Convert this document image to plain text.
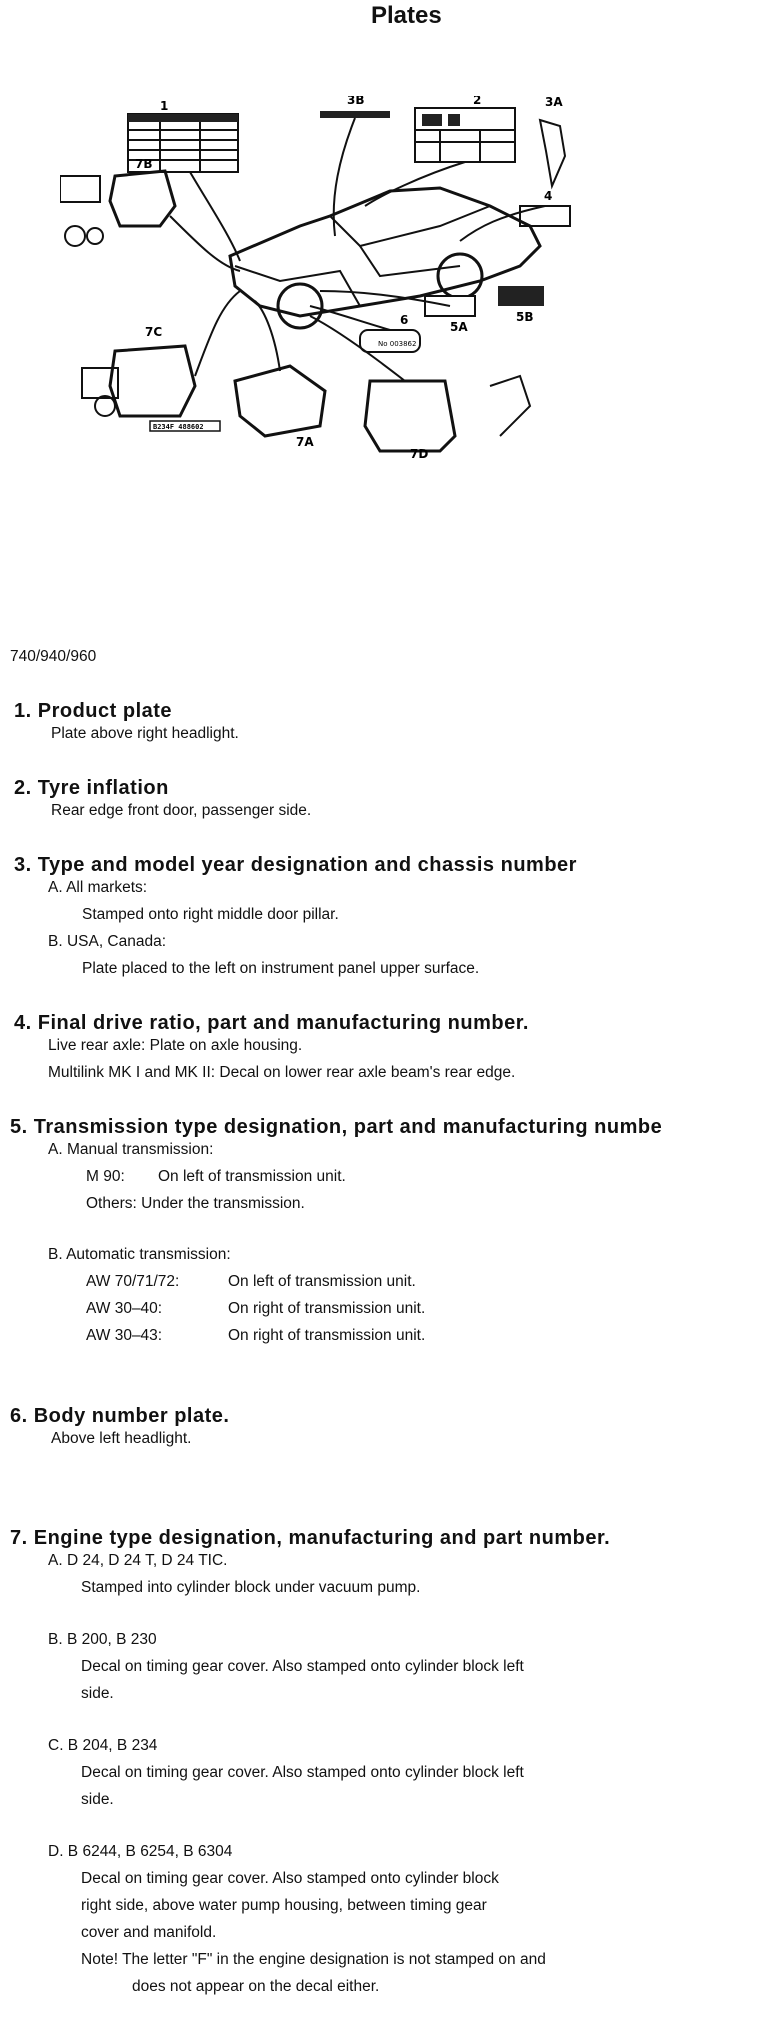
Plates
1	3B	2	3A
4
7B
7C
B234F 488602
7A
7D
No 003862
6	5A
5B
740/940/960
1. Product plate
Plate above right headlight.
2. Tyre inflation
Rear edge front door, passenger side.
3. Type and model year designation and chassis number
A. All markets:
Stamped onto right middle door pillar.
B. USA, Canada:
Plate placed to the left on instrument panel upper surface.
4. Final drive ratio, part and manufacturing number.
Live rear axle: Plate on axle housing.
Multilink MK I and MK II: Decal on lower rear axle beam's rear edge.
5. Transmission type designation, part and manufacturing numbe
A. Manual transmission:
M 90: On left of transmission unit.
Others: Under the transmission.
B. Automatic transmission:
AW 70/71/72:	On left of transmission unit.
AW 30–40:	On right of transmission unit.
AW 30–43:	On right of transmission unit.
6. Body number plate.
Above left headlight.
7. Engine type designation, manufacturing and part number.
A. D 24, D 24 T, D 24 TIC.
Stamped into cylinder block under vacuum pump.
B. B 200, B 230
Decal on timing gear cover. Also stamped onto cylinder block left
side.
C. B 204, B 234
Decal on timing gear cover. Also stamped onto cylinder block left
side.
D. B 6244, B 6254, B 6304
Decal on timing gear cover. Also stamped onto cylinder block
right side, above water pump housing, between timing gear
cover and manifold.
Note! The letter "F" in the engine designation is not stamped on and
does not appear on the decal either.
